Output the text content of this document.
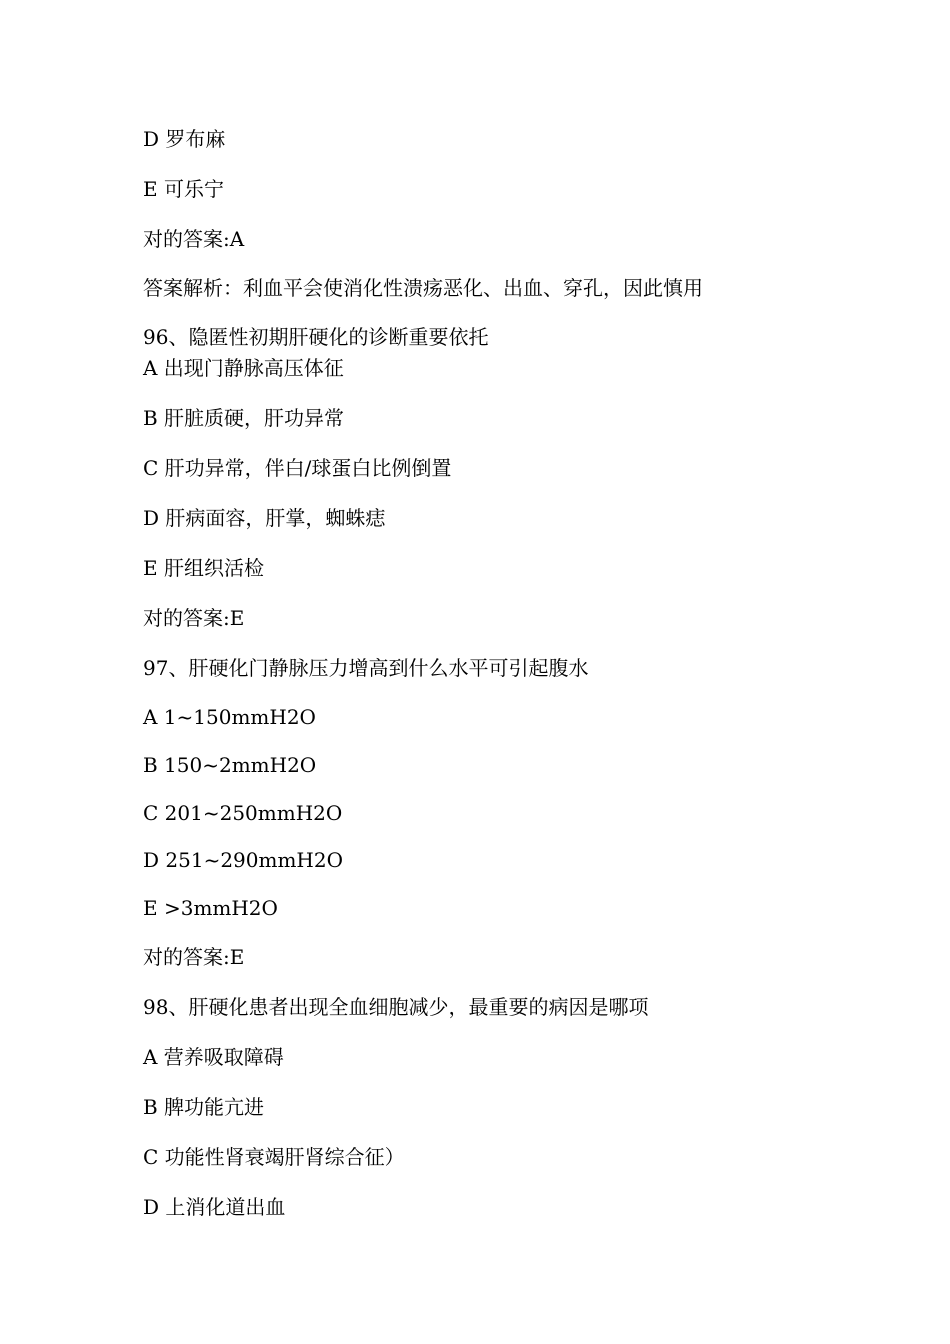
D 罗布麻
E 可乐宁
对的答案:A
答案解析：利血平会使消化性溃疡恶化、出血、穿孔，因此慎用
96、隐匿性初期肝硬化的诊断重要依托
A 出现门静脉高压体征
B 肝脏质硬，肝功异常
C 肝功异常，伴白/球蛋白比例倒置
D 肝病面容，肝掌，蜘蛛痣
E 肝组织活检
对的答案:E
97、肝硬化门静脉压力增高到什么水平可引起腹水
A 1~150mmH2O
B 150~2mmH2O
C 201~250mmH2O
D 251~290mmH2O
E >3mmH2O
对的答案:E
98、肝硬化患者出现全血细胞减少，最重要的病因是哪项
A 营养吸取障碍
B 脾功能亢进
C 功能性肾衰竭肝肾综合征）
D 上消化道出血
